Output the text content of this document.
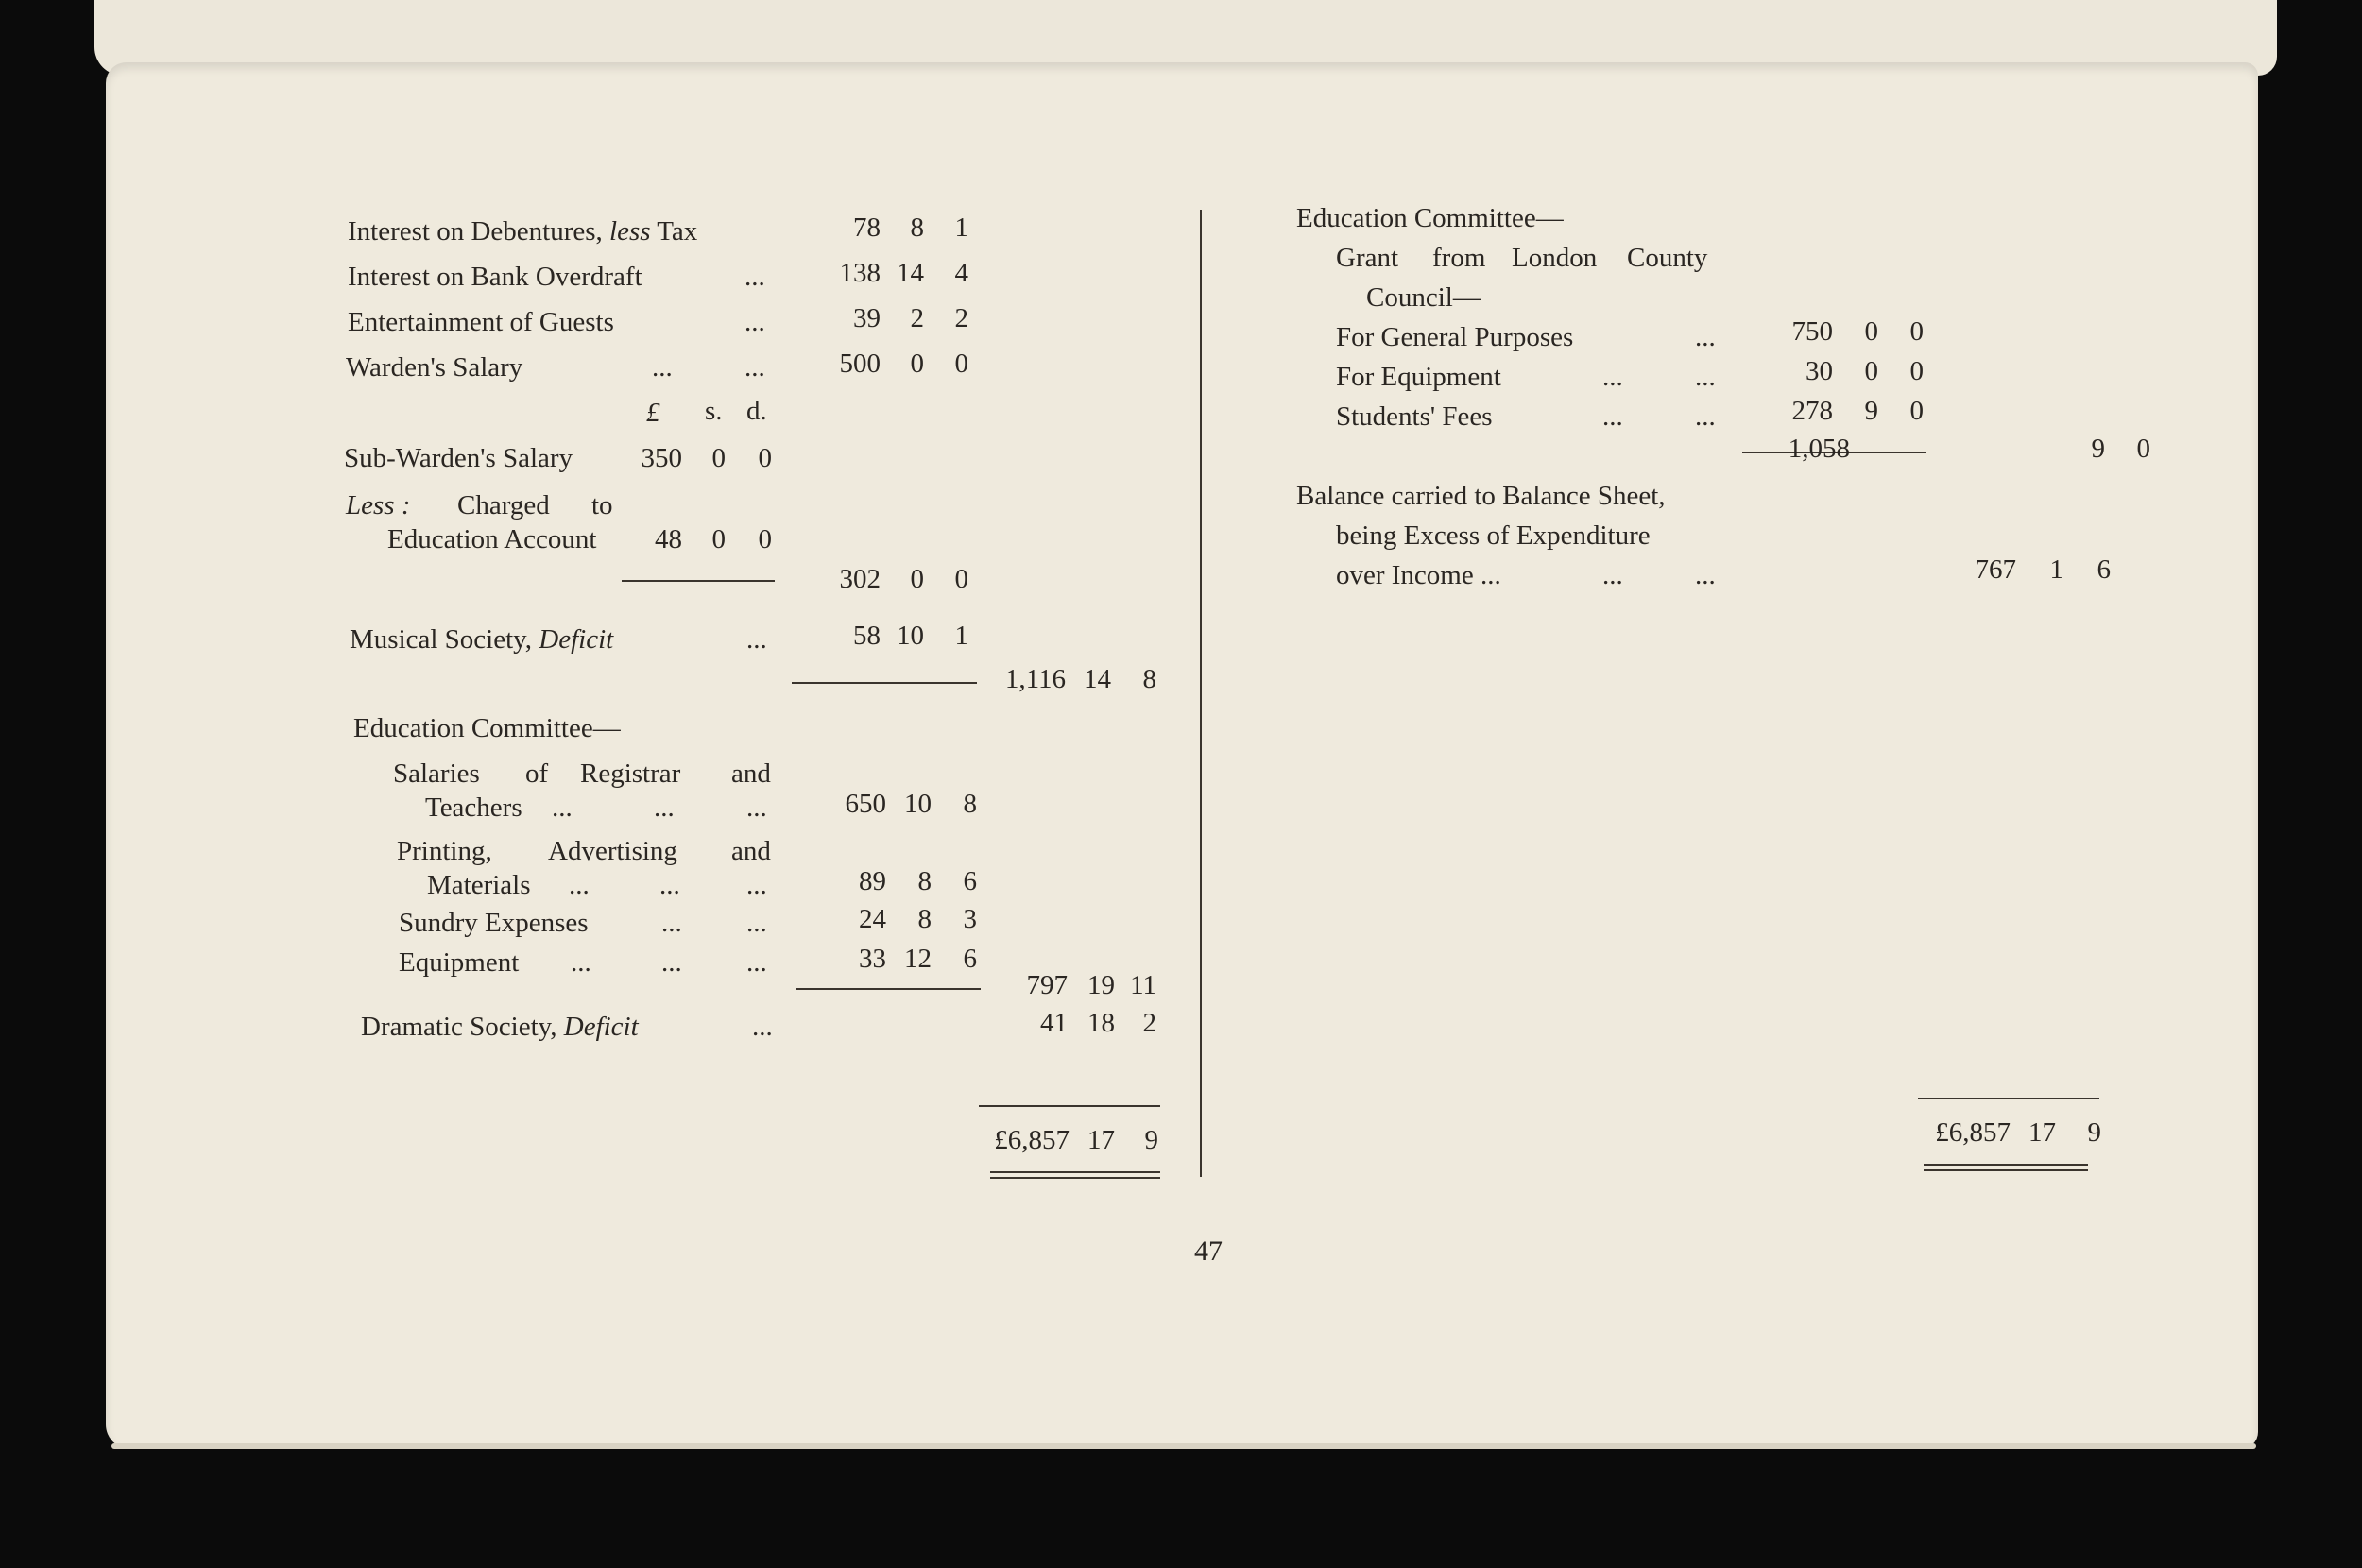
Interest on Debentures, less Tax	78 8 1
Interest on Bank Overdraft	...	138 14 4
Entertainment of Guests	...	39 2 2
Warden's Salary	...	...	500 0 0
£ s. d.
Sub-Warden's Salary 350 0 0
Less : Charged to
Education Account 48 0 0
302 0 0
Musical Society, Deficit	...	58 10 1
1,116 14 8
Education Committee—
Salaries of Registrar and
Teachers ...	...	...	650 10 8
Printing, Advertising and
Materials ...	... ...	89 8 6
Sundry Expenses	... ...	24 8 3
Equipment ...	... ...	33 12 6
797 19 11
Dramatic Society, Deficit	...	41 18 2
£6,857 17 9
Education Committee—
Grant from London County
Council—
For General Purposes	...	750 0 0
For Equipment	...	...	30 0 0
Students' Fees	...	...	278 9 0
1,058	9 0
Balance carried to Balance Sheet,
being Excess of Expenditure
over Income ...	...	...	767 1 6
£6,857 17 9
47
